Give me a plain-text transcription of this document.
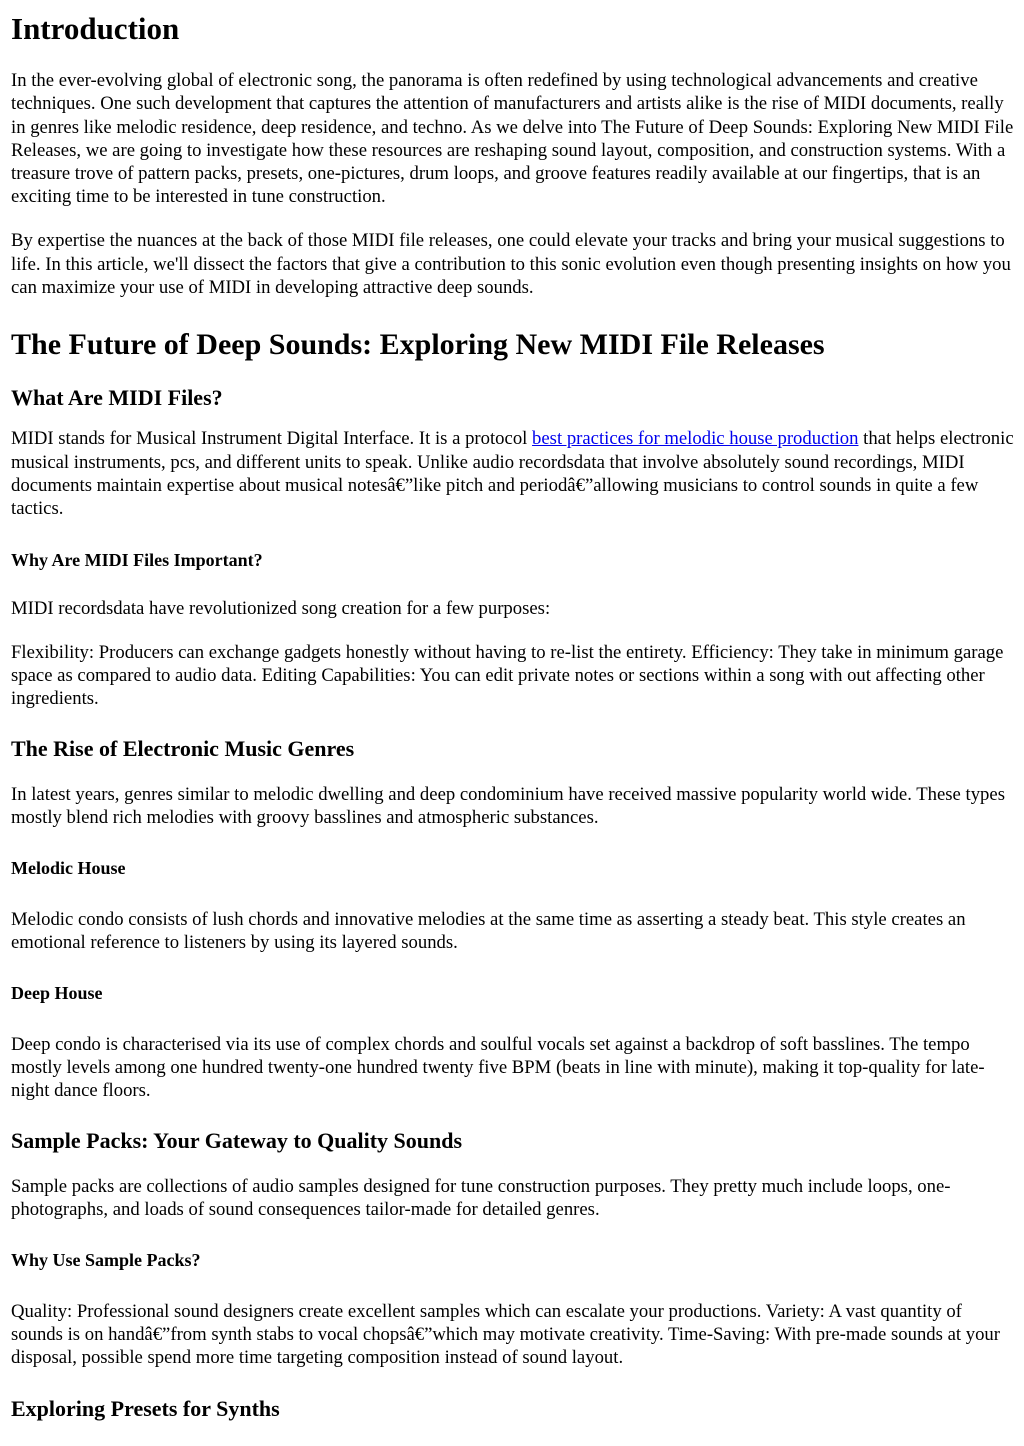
Introduction

In the ever-evolving global of electronic song, the panorama is often redefined by using technological advancements and creative techniques. One such development that captures the attention of manufacturers and artists alike is the rise of MIDI documents, really in genres like melodic residence, deep residence, and techno. As we delve into The Future of Deep Sounds: Exploring New MIDI File Releases, we are going to investigate how these resources are reshaping sound layout, composition, and construction systems. With a treasure trove of pattern packs, presets, one-pictures, drum loops, and groove features readily available at our fingertips, that is an exciting time to be interested in tune construction.

By expertise the nuances at the back of those MIDI file releases, one could elevate your tracks and bring your musical suggestions to life. In this article, we'll dissect the factors that give a contribution to this sonic evolution even though presenting insights on how you can maximize your use of MIDI in developing attractive deep sounds.

The Future of Deep Sounds: Exploring New MIDI File Releases
What Are MIDI Files?

MIDI stands for Musical Instrument Digital Interface. It is a protocol best practices for melodic house production that helps electronic musical instruments, pcs, and different units to speak. Unlike audio recordsdata that involve absolutely sound recordings, MIDI documents maintain expertise about musical notesâ€”like pitch and periodâ€”allowing musicians to control sounds in quite a few tactics.

Why Are MIDI Files Important?

MIDI recordsdata have revolutionized song creation for a few purposes:

Flexibility: Producers can exchange gadgets honestly without having to re-list the entirety. Efficiency: They take in minimum garage space as compared to audio data. Editing Capabilities: You can edit private notes or sections within a song with out affecting other ingredients.

The Rise of Electronic Music Genres

In latest years, genres similar to melodic dwelling and deep condominium have received massive popularity world wide. These types mostly blend rich melodies with groovy basslines and atmospheric substances.

Melodic House

Melodic condo consists of lush chords and innovative melodies at the same time as asserting a steady beat. This style creates an emotional reference to listeners by using its layered sounds.

Deep House

Deep condo is characterised via its use of complex chords and soulful vocals set against a backdrop of soft basslines. The tempo mostly levels among one hundred twenty-one hundred twenty five BPM (beats in line with minute), making it top-quality for late-night dance floors.

Sample Packs: Your Gateway to Quality Sounds

Sample packs are collections of audio samples designed for tune construction purposes. They pretty much include loops, one-photographs, and loads of sound consequences tailor-made for detailed genres.

Why Use Sample Packs?

Quality: Professional sound designers create excellent samples which can escalate your productions. Variety: A vast quantity of sounds is on handâ€”from synth stabs to vocal chopsâ€”which may motivate creativity. Time-Saving: With pre-made sounds at your disposal, possible spend more time targeting composition instead of sound layout.

Exploring Presets for Synths
